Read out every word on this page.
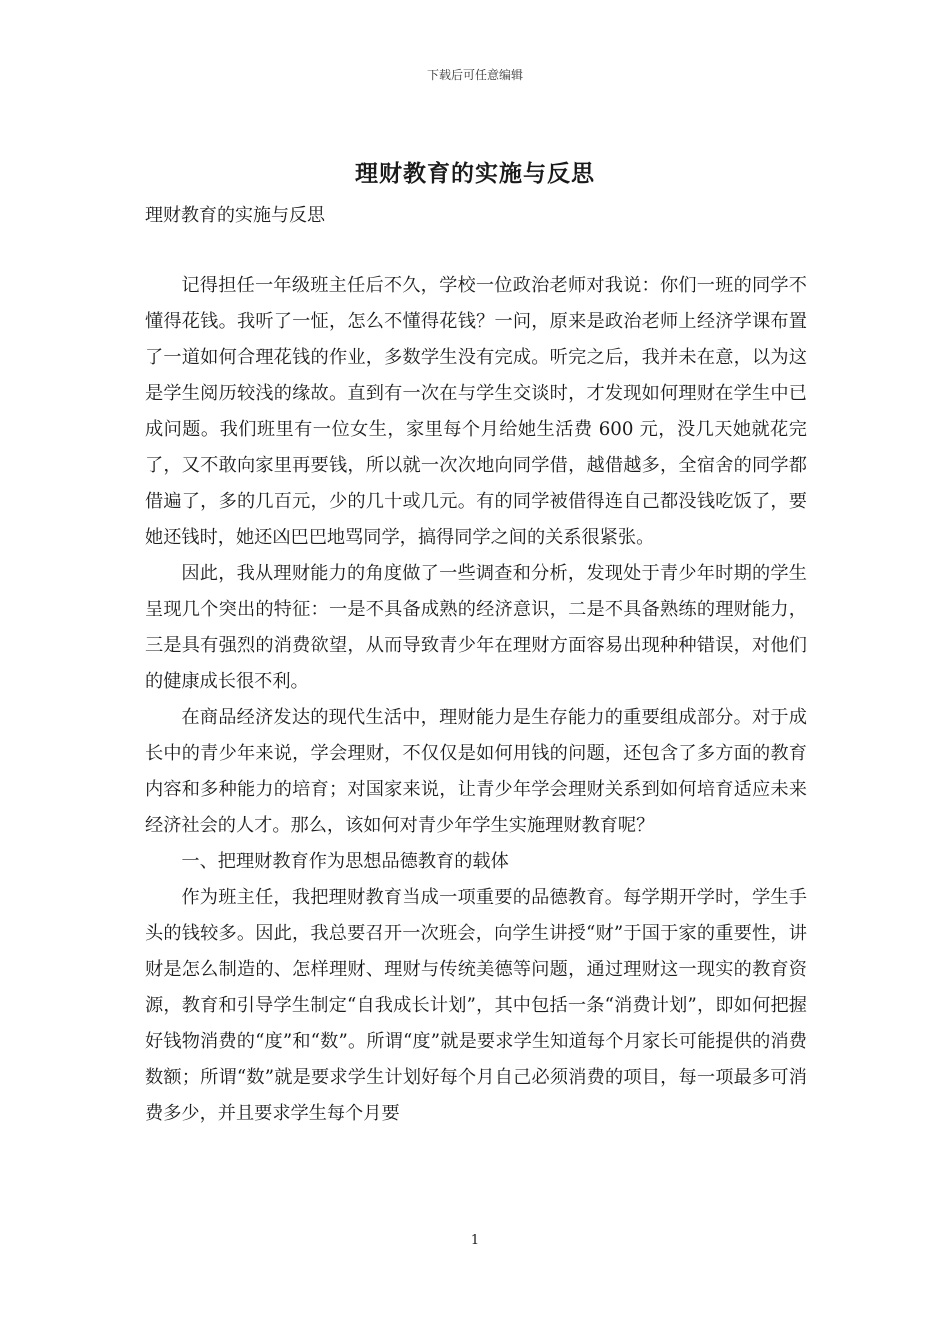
下载后可任意编辑
理财教育的实施与反思

理财教育的实施与反思

记得担任一年级班主任后不久，学校一位政治老师对我说：你们一班的同学不懂得花钱。我听了一怔，怎么不懂得花钱？一问，原来是政治老师上经济学课布置了一道如何合理花钱的作业，多数学生没有完成。听完之后，我并未在意，以为这是学生阅历较浅的缘故。直到有一次在与学生交谈时，才发现如何理财在学生中已成问题。我们班里有一位女生，家里每个月给她生活费 600 元，没几天她就花完了，又不敢向家里再要钱，所以就一次次地向同学借，越借越多，全宿舍的同学都借遍了，多的几百元，少的几十或几元。有的同学被借得连自己都没钱吃饭了，要她还钱时，她还凶巴巴地骂同学，搞得同学之间的关系很紧张。

因此，我从理财能力的角度做了一些调查和分析，发现处于青少年时期的学生呈现几个突出的特征：一是不具备成熟的经济意识，二是不具备熟练的理财能力，三是具有强烈的消费欲望，从而导致青少年在理财方面容易出现种种错误，对他们的健康成长很不利。

在商品经济发达的现代生活中，理财能力是生存能力的重要组成部分。对于成长中的青少年来说，学会理财，不仅仅是如何用钱的问题，还包含了多方面的教育内容和多种能力的培育；对国家来说，让青少年学会理财关系到如何培育适应未来经济社会的人才。那么，该如何对青少年学生实施理财教育呢？

一、把理财教育作为思想品德教育的载体

作为班主任，我把理财教育当成一项重要的品德教育。每学期开学时，学生手头的钱较多。因此，我总要召开一次班会，向学生讲授“财”于国于家的重要性，讲财是怎么制造的、怎样理财、理财与传统美德等问题，通过理财这一现实的教育资源，教育和引导学生制定“自我成长计划”，其中包括一条“消费计划”，即如何把握好钱物消费的“度”和“数”。所谓“度”就是要求学生知道每个月家长可能提供的消费数额；所谓“数”就是要求学生计划好每个月自己必须消费的项目，每一项最多可消费多少，并且要求学生每个月要

1
